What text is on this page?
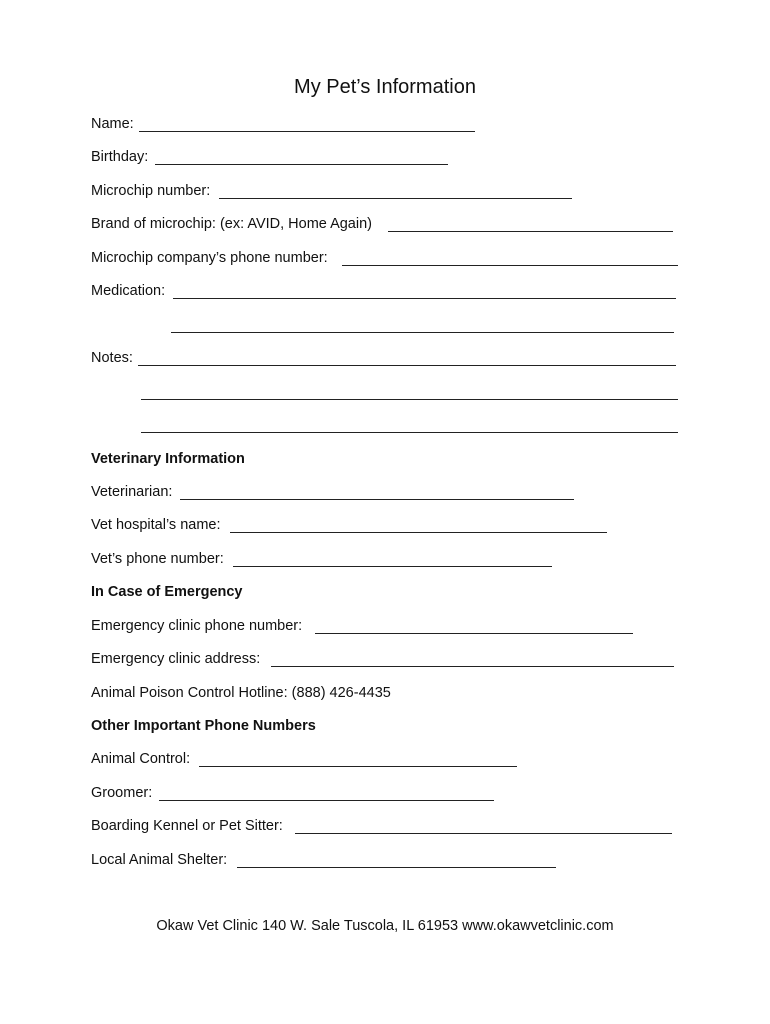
My Pet’s Information
Name:
Birthday:
Microchip number:
Brand of microchip: (ex: AVID, Home Again)
Microchip company’s phone number:
Medication:
Notes:
Veterinary Information
Veterinarian:
Vet hospital’s name:
Vet’s phone number:
In Case of Emergency
Emergency clinic phone number:
Emergency clinic address:
Animal Poison Control Hotline: (888) 426-4435
Other Important Phone Numbers
Animal Control:
Groomer:
Boarding Kennel or Pet Sitter:
Local Animal Shelter:
Okaw Vet Clinic 140 W. Sale Tuscola, IL 61953 www.okawvetclinic.com
